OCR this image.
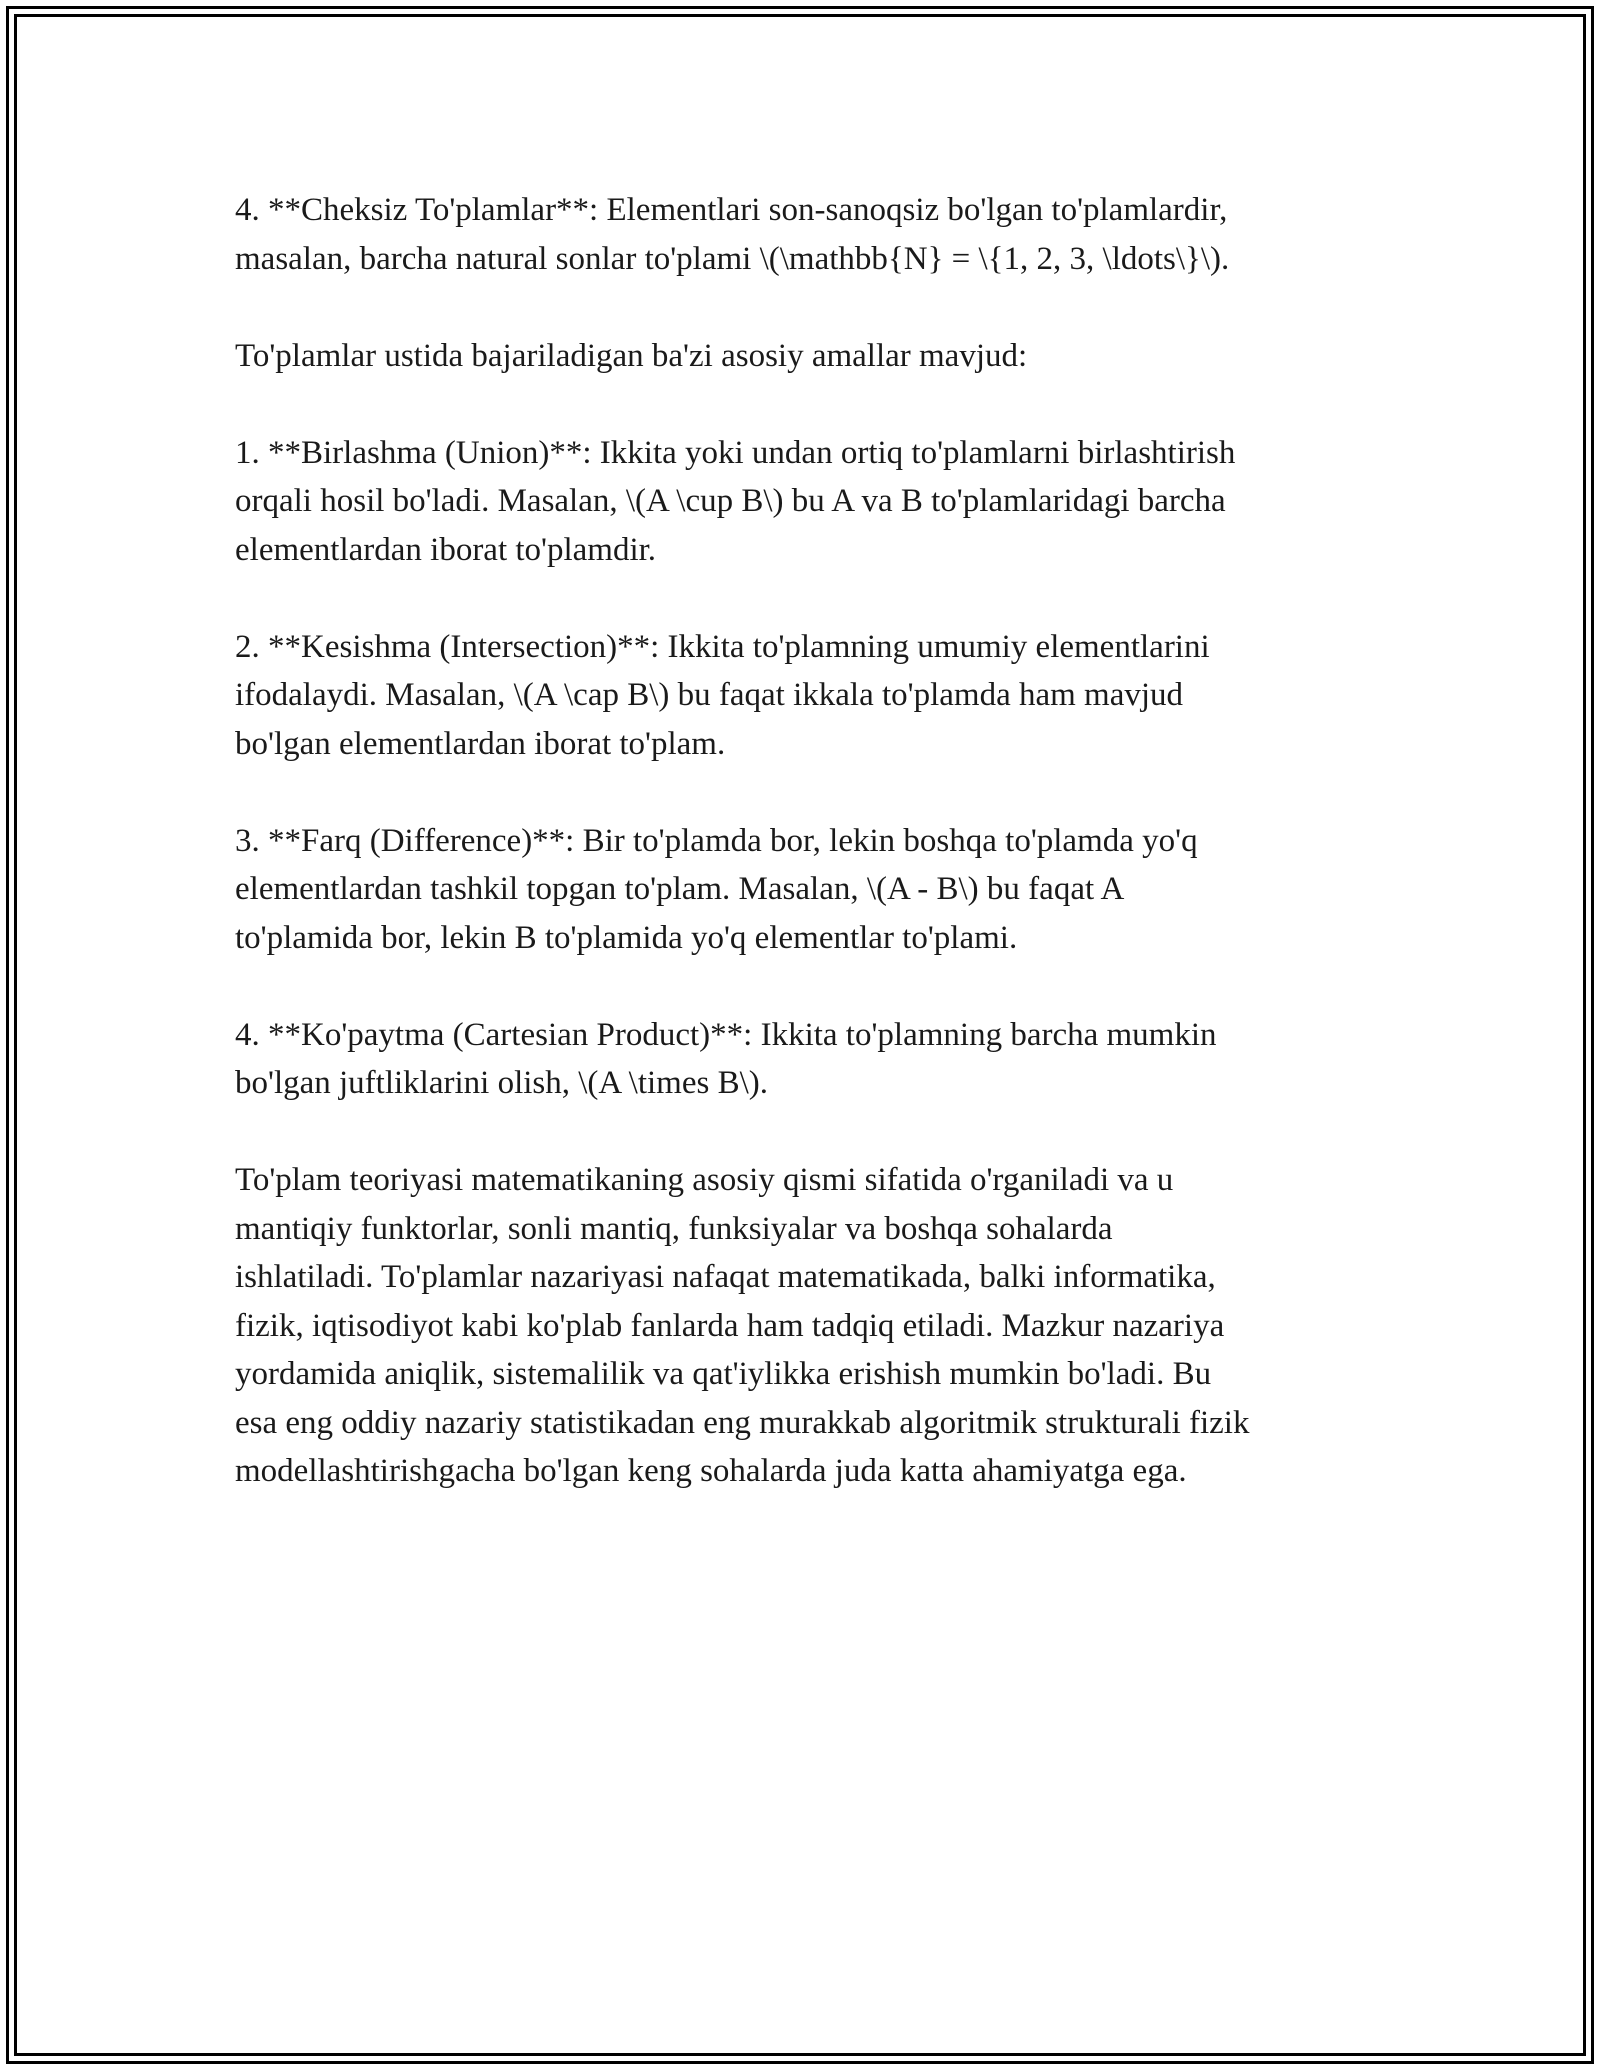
4. **Cheksiz To'plamlar**: Elementlari son-sanoqsiz bo'lgan to'plamlardir,
masalan, barcha natural sonlar to'plami \(\mathbb{N} = \{1, 2, 3, \ldots\}\).

To'plamlar ustida bajariladigan ba'zi asosiy amallar mavjud:

1. **Birlashma (Union)**: Ikkita yoki undan ortiq to'plamlarni birlashtirish
orqali hosil bo'ladi. Masalan, \(A \cup B\) bu A va B to'plamlaridagi barcha
elementlardan iborat to'plamdir.

2. **Kesishma (Intersection)**: Ikkita to'plamning umumiy elementlarini
ifodalaydi. Masalan, \(A \cap B\) bu faqat ikkala to'plamda ham mavjud
bo'lgan elementlardan iborat to'plam.

3. **Farq (Difference)**: Bir to'plamda bor, lekin boshqa to'plamda yo'q
elementlardan tashkil topgan to'plam. Masalan, \(A - B\) bu faqat A
to'plamida bor, lekin B to'plamida yo'q elementlar to'plami.

4. **Ko'paytma (Cartesian Product)**: Ikkita to'plamning barcha mumkin
bo'lgan juftliklarini olish, \(A \times B\).

To'plam teoriyasi matematikaning asosiy qismi sifatida o'rganiladi va u
mantiqiy funktorlar, sonli mantiq, funksiyalar va boshqa sohalarda
ishlatiladi. To'plamlar nazariyasi nafaqat matematikada, balki informatika,
fizik, iqtisodiyot kabi ko'plab fanlarda ham tadqiq etiladi. Mazkur nazariya
yordamida aniqlik, sistemalilik va qat'iylikka erishish mumkin bo'ladi. Bu
esa eng oddiy nazariy statistikadan eng murakkab algoritmik strukturali fizik
modellashtirishgacha bo'lgan keng sohalarda juda katta ahamiyatga ega.
